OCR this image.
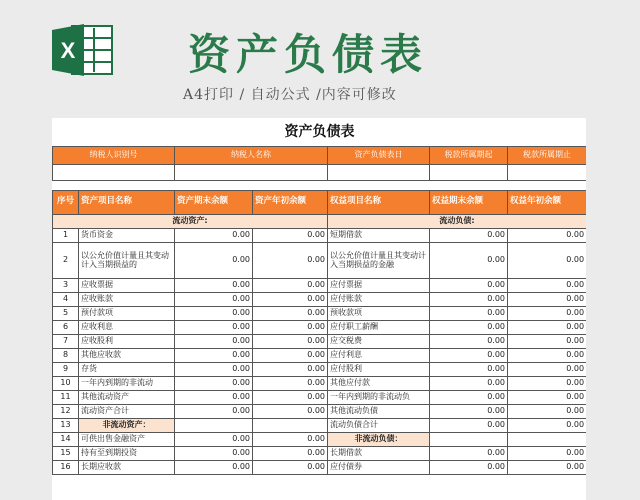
X	资产负债表
A4打印 / 自动公式 /内容可修改
资产负债表						
纳税人识别号		纳税人名称		资产负债表日	税款所属期起	税款所属期止

序号	资产项目名称	资产期末余额	资产年初余额	权益项目名称	权益期末余额	权益年初余额
流动资产:				流动负债:		
1	货币资金	0.00	0.00	短期借款	0.00	0.00
2	以公允价值计量且其变动计入当期损益的	0.00	0.00	以公允价值计量且其变动计入当期损益的金融	0.00	0.00
3	应收票据	0.00	0.00	应付票据	0.00	0.00
4	应收账款	0.00	0.00	应付账款	0.00	0.00
5	预付款项	0.00	0.00	预收款项	0.00	0.00
6	应收利息	0.00	0.00	应付职工薪酬	0.00	0.00
7	应收股利	0.00	0.00	应交税费	0.00	0.00
8	其他应收款	0.00	0.00	应付利息	0.00	0.00
9	存货	0.00	0.00	应付股利	0.00	0.00
10	一年内到期的非流动	0.00	0.00	其他应付款	0.00	0.00
11	其他流动资产	0.00	0.00	一年内到期的非流动负	0.00	0.00
12	流动资产合计	0.00	0.00	其他流动负债	0.00	0.00
13	非流动资产：			流动负债合计	0.00	0.00
14	可供出售金融资产	0.00	0.00	非流动负债：		
15	持有至到期投资	0.00	0.00	长期借款	0.00	0.00
16	长期应收款	0.00	0.00	应付债券	0.00	0.00
